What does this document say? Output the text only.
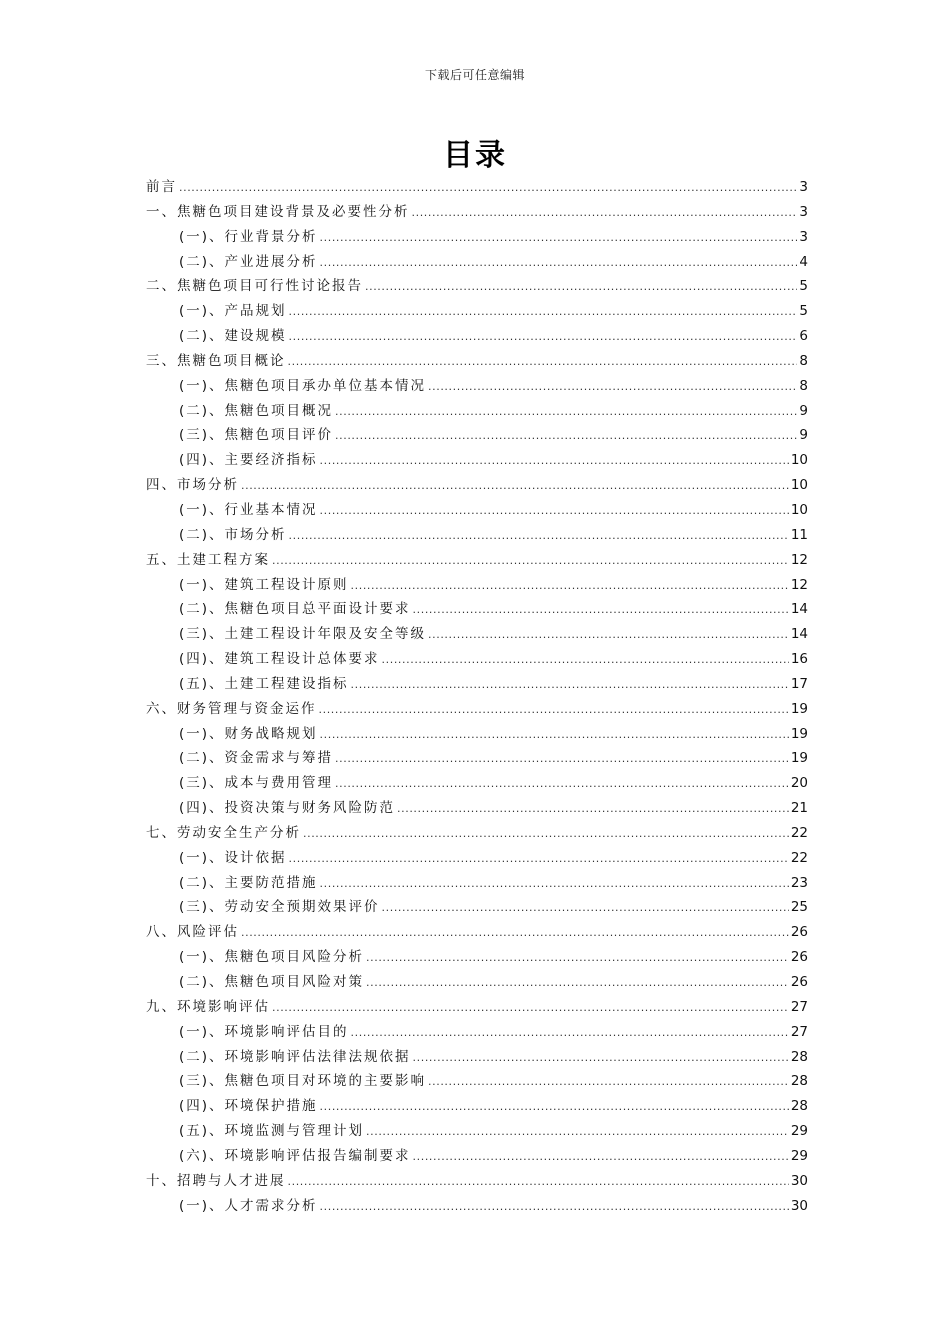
下载后可任意编辑
目录
前言 .....	3
一、焦糖色项目建设背景及必要性分析 .....	3
(一)、行业背景分析 .....	3
(二)、产业进展分析 .....	4
二、焦糖色项目可行性讨论报告 .....	5
(一)、产品规划 .....	5
(二)、建设规模 .....	6
三、焦糖色项目概论 .....	8
(一)、焦糖色项目承办单位基本情况 .....	8
(二)、焦糖色项目概况 .....	9
(三)、焦糖色项目评价 .....	9
(四)、主要经济指标 .....	10
四、市场分析 .....	10
(一)、行业基本情况 .....	10
(二)、市场分析 .....	11
五、土建工程方案 .....	12
(一)、建筑工程设计原则 .....	12
(二)、焦糖色项目总平面设计要求 .....	14
(三)、土建工程设计年限及安全等级 .....	14
(四)、建筑工程设计总体要求 .....	16
(五)、土建工程建设指标 .....	17
六、财务管理与资金运作 .....	19
(一)、财务战略规划 .....	19
(二)、资金需求与筹措 .....	19
(三)、成本与费用管理 .....	20
(四)、投资决策与财务风险防范 .....	21
七、劳动安全生产分析 .....	22
(一)、设计依据 .....	22
(二)、主要防范措施 .....	23
(三)、劳动安全预期效果评价 .....	25
八、风险评估 .....	26
(一)、焦糖色项目风险分析 .....	26
(二)、焦糖色项目风险对策 .....	26
九、环境影响评估 .....	27
(一)、环境影响评估目的 .....	27
(二)、环境影响评估法律法规依据 .....	28
(三)、焦糖色项目对环境的主要影响 .....	28
(四)、环境保护措施 .....	28
(五)、环境监测与管理计划 .....	29
(六)、环境影响评估报告编制要求 .....	29
十、招聘与人才进展 .....	30
(一)、人才需求分析 .....	30
